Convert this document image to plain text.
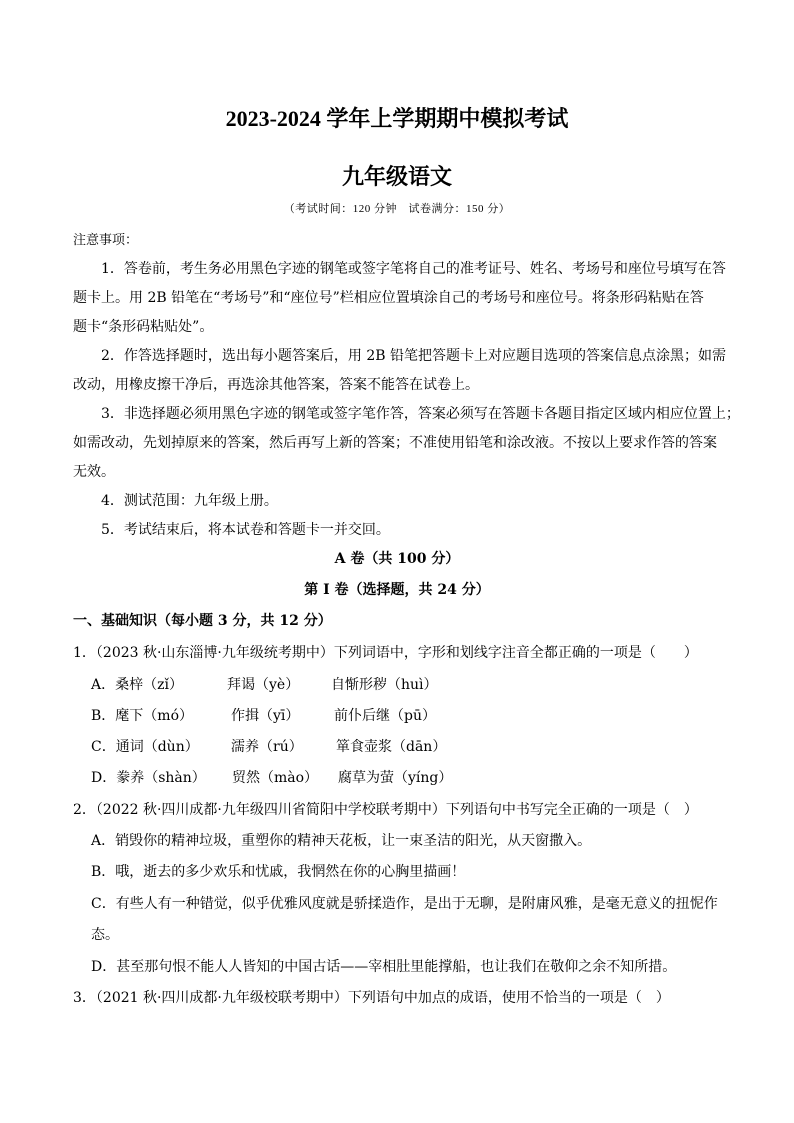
2023-2024 学年上学期期中模拟考试
九年级语文
（考试时间：120 分钟　试卷满分：150 分）
注意事项：
1．答卷前，考生务必用黑色字迹的钢笔或签字笔将自己的准考证号、姓名、考场号和座位号填写在答
题卡上。用 2B 铅笔在“考场号”和“座位号”栏相应位置填涂自己的考场号和座位号。将条形码粘贴在答
题卡“条形码粘贴处”。
2．作答选择题时，选出每小题答案后，用 2B 铅笔把答题卡上对应题目选项的答案信息点涂黑；如需
改动，用橡皮擦干净后，再选涂其他答案，答案不能答在试卷上。
3．非选择题必须用黑色字迹的钢笔或签字笔作答，答案必须写在答题卡各题目指定区域内相应位置上；
如需改动，先划掉原来的答案，然后再写上新的答案；不准使用铅笔和涂改液。不按以上要求作答的答案
无效。
4．测试范围：九年级上册。
5．考试结束后，将本试卷和答题卡一并交回。
A 卷（共 100 分）
第 I 卷（选择题，共 24 分）
一、基础知识（每小题 3 分，共 12 分）
1．（2023 秋·山东淄博·九年级统考期中）下列词语中，字形和划线字注音全都正确的一项是（　　）
A．桑梓（zǐ）	拜谒（yè） 自惭形秽（huì）
B．麾下（mó）	作揖（yī） 前仆后继（pū）
C．通词（dùn） 濡养（rú） 箪食壶浆（dān）
D．豢养（shàn） 贸然（mào） 腐草为萤（yíng）
2．（2022 秋·四川成都·九年级四川省简阳中学校联考期中）下列语句中书写完全正确的一项是（　）
A．销毁你的精神垃圾，重塑你的精神天花板，让一束圣洁的阳光，从天窗撒入。
B．哦，逝去的多少欢乐和忧戚，我惘然在你的心胸里描画！
C．有些人有一种错觉，似乎优雅风度就是骄揉造作，是出于无聊，是附庸风雅，是毫无意义的扭怩作
态。
D．甚至那句恨不能人人皆知的中国古话——宰相肚里能撑船，也让我们在敬仰之余不知所措。
3．（2021 秋·四川成都·九年级校联考期中）下列语句中加点的成语，使用不恰当的一项是（　）
